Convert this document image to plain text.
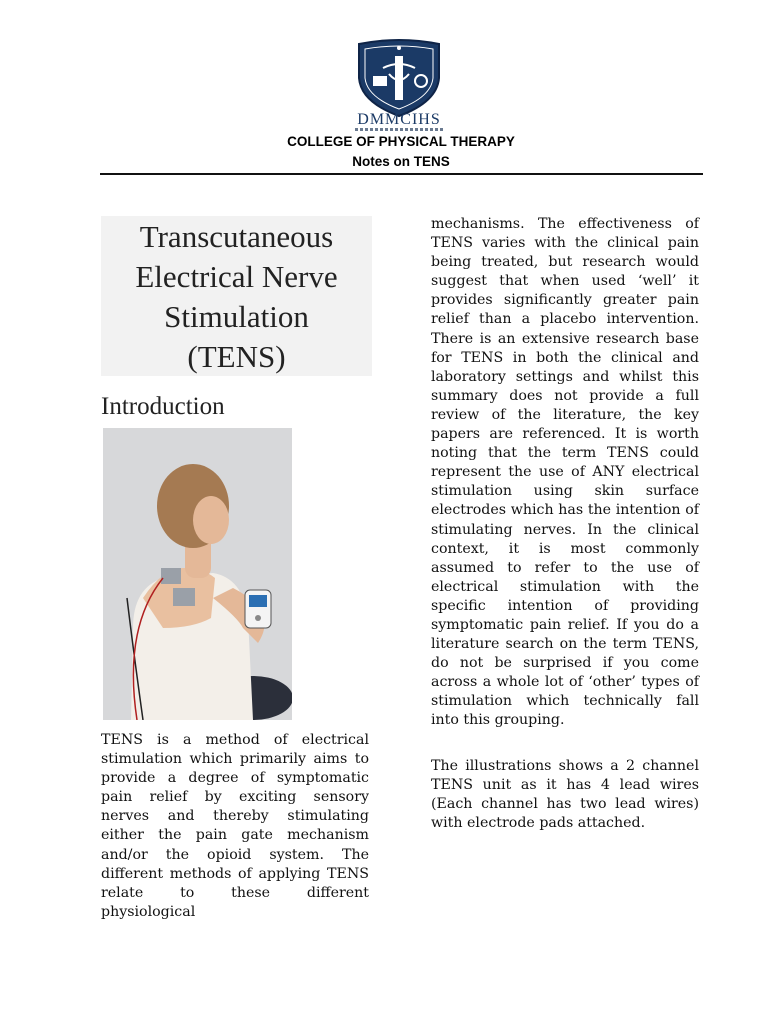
DMMCIHS
COLLEGE OF PHYSICAL THERAPY
Notes on TENS
Transcutaneous
Electrical Nerve
Stimulation
(TENS)
Introduction
TENS is a method of electrical stimulation which primarily aims to provide a degree of symptomatic pain relief by exciting sensory nerves and thereby stimulating either the pain gate mechanism and/or the opioid system. The different methods of applying TENS relate to these different physiological
mechanisms. The effectiveness of TENS varies with the clinical pain being treated, but research would suggest that when used ‘well’ it provides significantly greater pain relief than a placebo intervention. There is an extensive research base for TENS in both the clinical and laboratory settings and whilst this summary does not provide a full review of the literature, the key papers are referenced. It is worth noting that the term TENS could represent the use of ANY electrical stimulation using skin surface electrodes which has the intention of stimulating nerves. In the clinical context, it is most commonly assumed to refer to the use of electrical stimulation with the specific intention of providing symptomatic pain relief. If you do a literature search on the term TENS, do not be surprised if you come across a whole lot of ‘other’ types of stimulation which technically fall into this grouping.
The illustrations shows a 2 channel TENS unit as it has 4 lead wires (Each channel has two lead wires) with electrode pads attached.
